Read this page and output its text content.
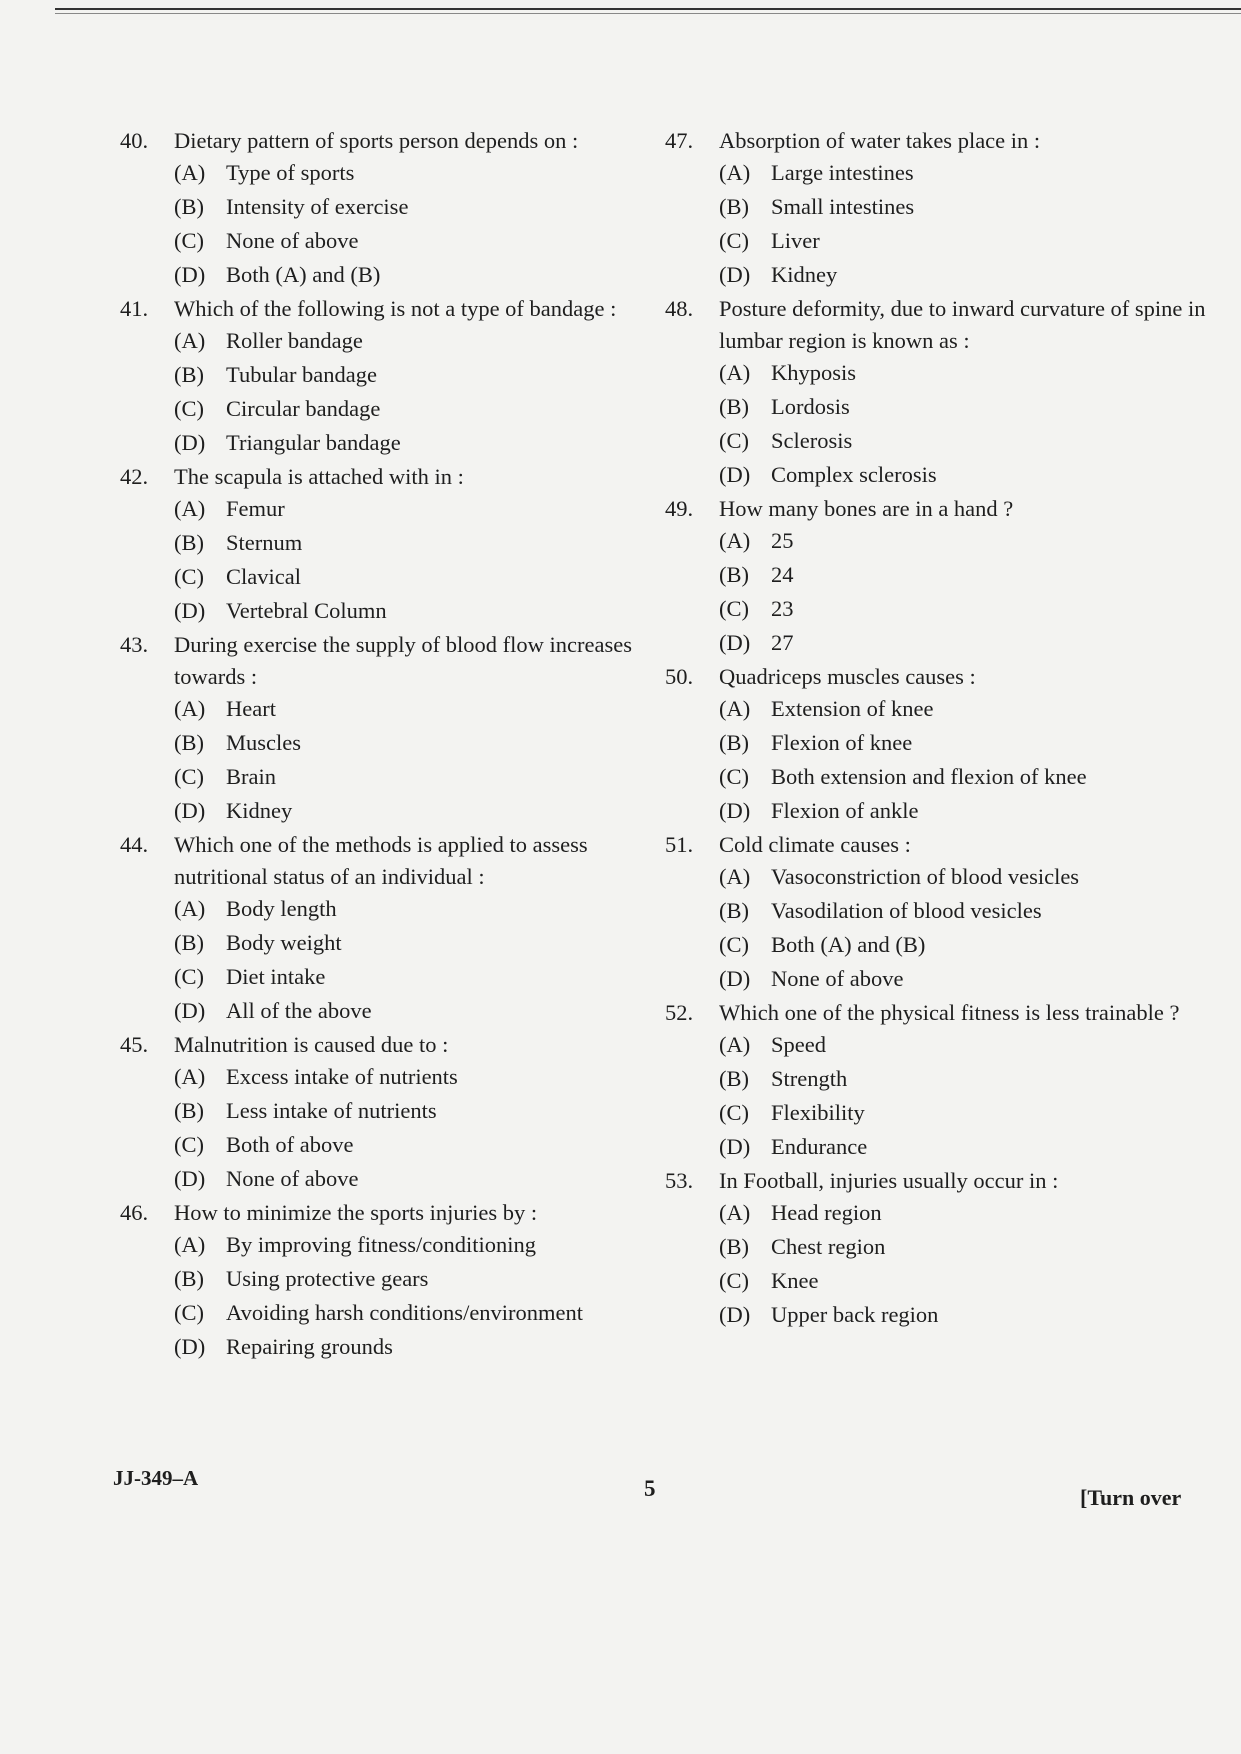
40.	Dietary pattern of sports person depends on :
(A) Type of sports
(B) Intensity of exercise
(C) None of above
(D) Both (A) and (B)
41.	Which of the following is not a type of bandage :
(A) Roller bandage
(B) Tubular bandage
(C) Circular bandage
(D) Triangular bandage
42.	The scapula is attached with in :
(A) Femur
(B) Sternum
(C) Clavical
(D) Vertebral Column
43.	During exercise the supply of blood flow increases towards :
(A) Heart
(B) Muscles
(C) Brain
(D) Kidney
44.	Which one of the methods is applied to assess nutritional status of an individual :
(A) Body length
(B) Body weight
(C) Diet intake
(D) All of the above
45.	Malnutrition is caused due to :
(A) Excess intake of nutrients
(B) Less intake of nutrients
(C) Both of above
(D) None of above
46.	How to minimize the sports injuries by :
(A) By improving fitness/conditioning
(B) Using protective gears
(C) Avoiding harsh conditions/environment
(D) Repairing grounds
47.	Absorption of water takes place in :
(A) Large intestines
(B) Small intestines
(C) Liver
(D) Kidney
48.	Posture deformity, due to inward curvature of spine in lumbar region is known as :
(A) Khyposis
(B) Lordosis
(C) Sclerosis
(D) Complex sclerosis
49.	How many bones are in a hand ?
(A) 25
(B) 24
(C) 23
(D) 27
50.	Quadriceps muscles causes :
(A) Extension of knee
(B) Flexion of knee
(C) Both extension and flexion of knee
(D) Flexion of ankle
51.	Cold climate causes :
(A) Vasoconstriction of blood vesicles
(B) Vasodilation of blood vesicles
(C) Both (A) and (B)
(D) None of above
52.	Which one of the physical fitness is less trainable ?
(A) Speed
(B) Strength
(C) Flexibility
(D) Endurance
53.	In Football, injuries usually occur in :
(A) Head region
(B) Chest region
(C) Knee
(D) Upper back region
JJ-349–A	5	[Turn over
